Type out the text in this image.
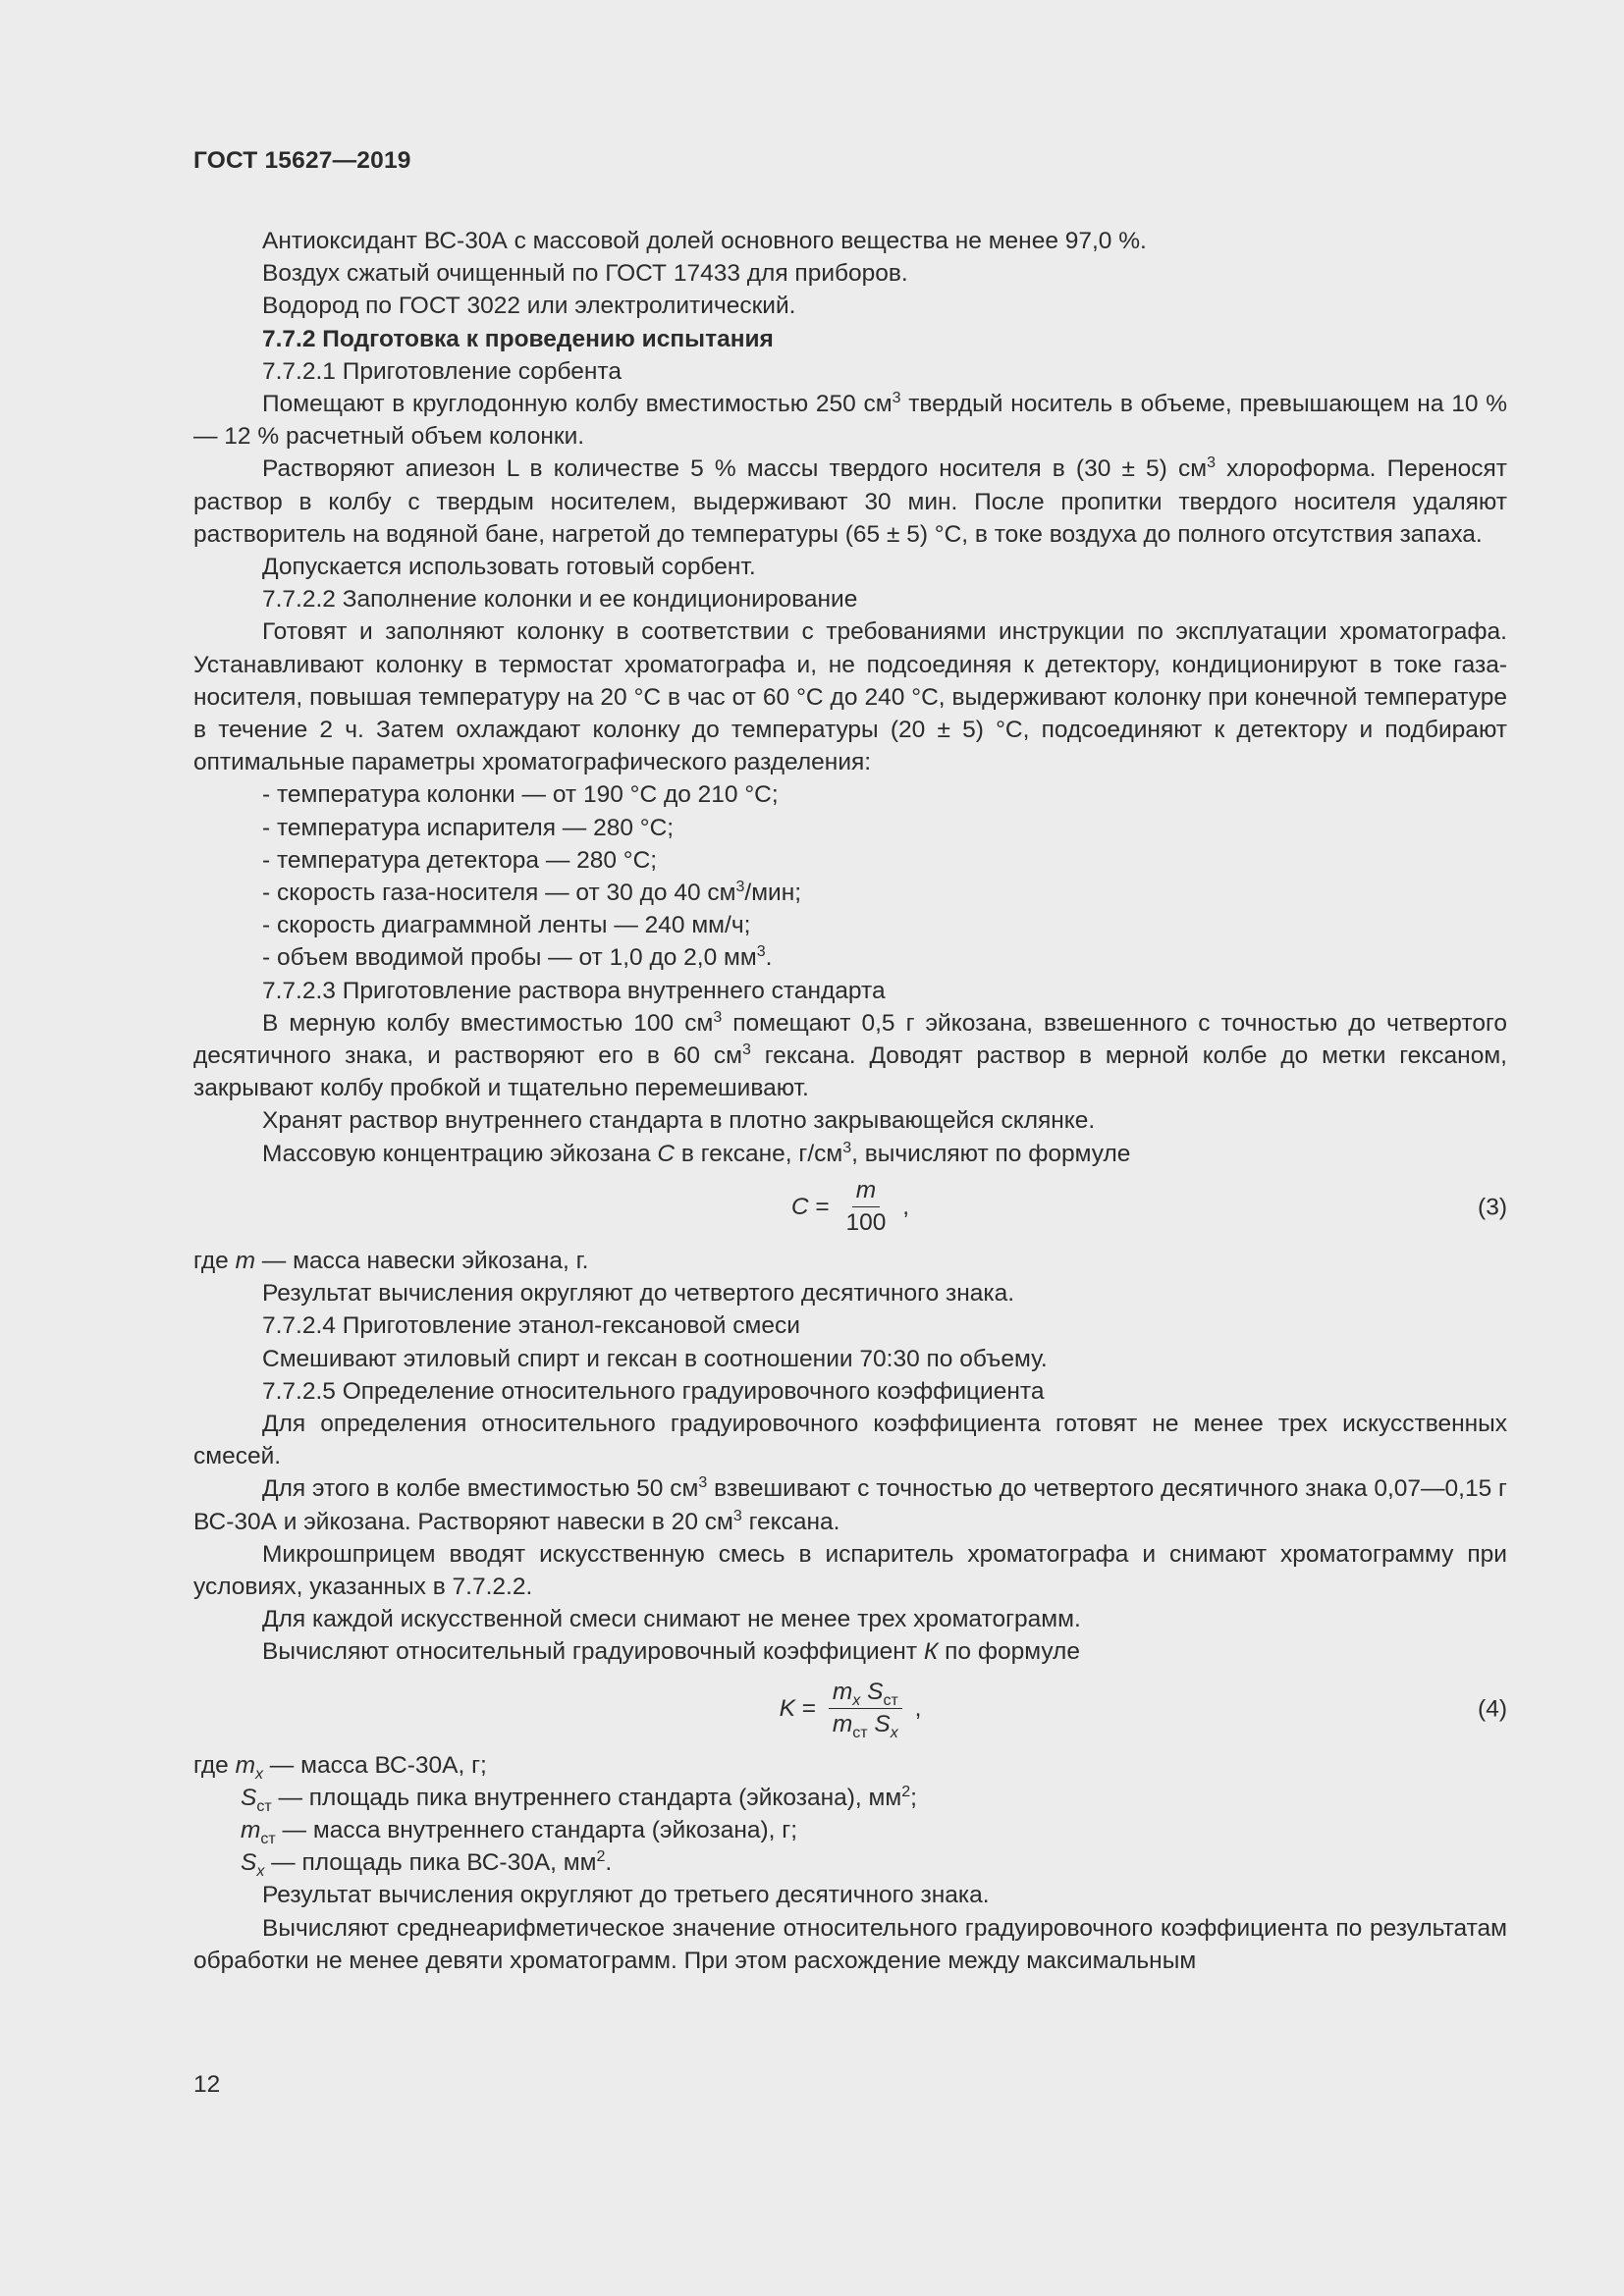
ГОСТ 15627—2019

Антиоксидант ВС-30А с массовой долей основного вещества не менее 97,0 %.

Воздух сжатый очищенный по ГОСТ 17433 для приборов.

Водород по ГОСТ 3022 или электролитический.

7.7.2 Подготовка к проведению испытания

7.7.2.1 Приготовление сорбента

Помещают в круглодонную колбу вместимостью 250 $см^3$ твердый носитель в объеме, превышающем на 10 % — 12 % расчетный объем колонки.

Растворяют апиезон L в количестве 5 % массы твердого носителя в (30 ± 5) $см^3$ хлороформа. Переносят раствор в колбу с твердым носителем, выдерживают 30 мин. После пропитки твердого носителя удаляют растворитель на водяной бане, нагретой до температуры (65 ± 5) °С, в токе воздуха до полного отсутствия запаха.

Допускается использовать готовый сорбент.

7.7.2.2 Заполнение колонки и ее кондиционирование

Готовят и заполняют колонку в соответствии с требованиями инструкции по эксплуатации хроматографа. Устанавливают колонку в термостат хроматографа и, не подсоединяя к детектору, кондиционируют в токе газа-носителя, повышая температуру на 20 °С в час от 60 °С до 240 °С, выдерживают колонку при конечной температуре в течение 2 ч. Затем охлаждают колонку до температуры (20 ± 5) °С, подсоединяют к детектору и подбирают оптимальные параметры хроматографического разделения:

- температура колонки — от 190 °С до 210 °С;

- температура испарителя — 280 °С;

- температура детектора — 280 °С;

- скорость газа-носителя — от 30 до 40 $см^3$/мин;

- скорость диаграммной ленты — 240 мм/ч;

- объем вводимой пробы — от 1,0 до 2,0 $мм^3$.

7.7.2.3 Приготовление раствора внутреннего стандарта

В мерную колбу вместимостью 100 $см^3$ помещают 0,5 г эйкозана, взвешенного с точностью до четвертого десятичного знака, и растворяют его в 60 $см^3$ гексана. Доводят раствор в мерной колбе до метки гексаном, закрывают колбу пробкой и тщательно перемешивают.

Хранят раствор внутреннего стандарта в плотно закрывающейся склянке.

Массовую концентрацию эйкозана С в гексане, $г/см^3$, вычисляют по формуле

$C = \frac{m}{100}$ ,	(3)

где m — масса навески эйкозана, г.

Результат вычисления округляют до четвертого десятичного знака.

7.7.2.4 Приготовление этанол-гексановой смеси

Смешивают этиловый спирт и гексан в соотношении 70:30 по объему.

7.7.2.5 Определение относительного градуировочного коэффициента

Для определения относительного градуировочного коэффициента готовят не менее трех искусственных смесей.

Для этого в колбе вместимостью 50 $см^3$ взвешивают с точностью до четвертого десятичного знака 0,07—0,15 г ВС-30А и эйкозана. Растворяют навески в 20 $см^3$ гексана.

Микрошприцем вводят искусственную смесь в испаритель хроматографа и снимают хроматограмму при условиях, указанных в 7.7.2.2.

Для каждой искусственной смеси снимают не менее трех хроматограмм.

Вычисляют относительный градуировочный коэффициент К по формуле

$K = \frac{m_x S_{ст}}{m_{ст} S_x}$ ,	(4)

где $m_x$ — масса ВС-30А, г;

$S_{ст}$ — площадь пика внутреннего стандарта (эйкозана), $мм^2$;

$m_{ст}$ — масса внутреннего стандарта (эйкозана), г;

$S_x$ — площадь пика ВС-30А, $мм^2$.

Результат вычисления округляют до третьего десятичного знака.

Вычисляют среднеарифметическое значение относительного градуировочного коэффициента по результатам обработки не менее девяти хроматограмм. При этом расхождение между максимальным

12
